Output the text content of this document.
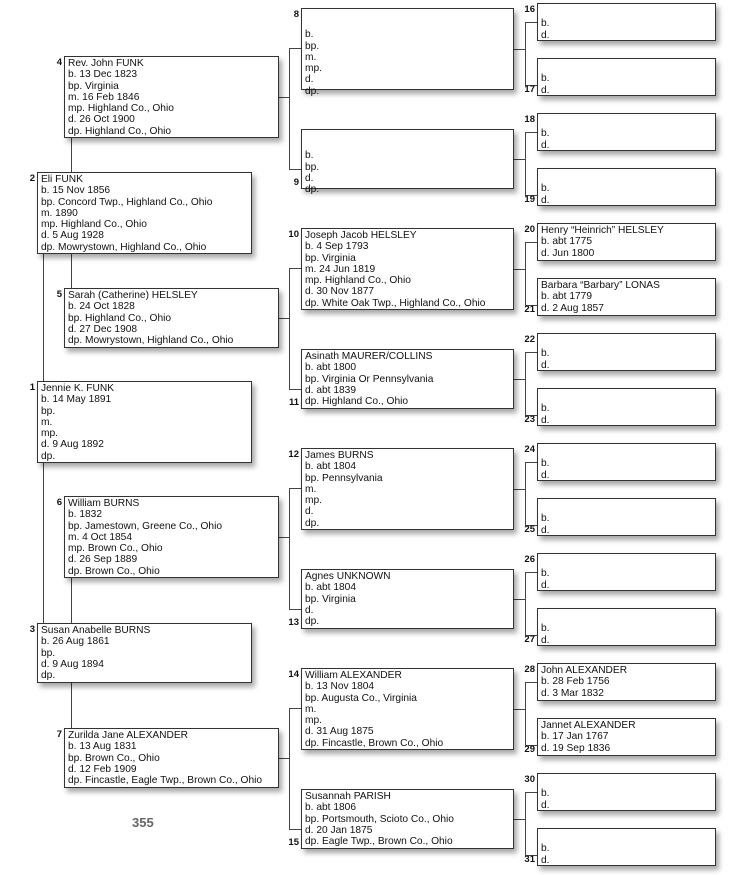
Jennie K. FUNK
b. 14 May 1891
bp.
m.
mp.
d. 9 Aug 1892
dp.
1
Eli FUNK
b. 15 Nov 1856
bp. Concord Twp., Highland Co., Ohio
m. 1890
mp. Highland Co., Ohio
d. 5 Aug 1928
dp. Mowrystown, Highland Co., Ohio
2
Susan Anabelle BURNS
b. 26 Aug 1861
bp.
d. 9 Aug 1894
dp.
3
Rev. John FUNK
b. 13 Dec 1823
bp. Virginia
m. 16 Feb 1846
mp. Highland Co., Ohio
d. 26 Oct 1900
dp. Highland Co., Ohio
4
Sarah (Catherine) HELSLEY
b. 24 Oct 1828
bp. Highland Co., Ohio
d. 27 Dec 1908
dp. Mowrystown, Highland Co., Ohio
5
William BURNS
b. 1832
bp. Jamestown, Greene Co., Ohio
m. 4 Oct 1854
mp. Brown Co., Ohio
d. 26 Sep 1889
dp. Brown Co., Ohio
6
Zurilda Jane ALEXANDER
b. 13 Aug 1831
bp. Brown Co., Ohio
d. 12 Feb 1909
dp. Fincastle, Eagle Twp., Brown Co., Ohio
7

b.
bp.
m.
mp.
d.
dp.
8

b.
bp.
d.
dp.
9
Joseph Jacob HELSLEY
b. 4 Sep 1793
bp. Virginia
m. 24 Jun 1819
mp. Highland Co., Ohio
d. 30 Nov 1877
dp. White Oak Twp., Highland Co., Ohio
10
Asinath MAURER/COLLINS
b. abt 1800
bp. Virginia Or Pennsylvania
d. abt 1839
dp. Highland Co., Ohio
11
James BURNS
b. abt 1804
bp. Pennsylvania
m.
mp.
d.
dp.
12
Agnes UNKNOWN
b. abt 1804
bp. Virginia
d.
dp.
13
William ALEXANDER
b. 13 Nov 1804
bp. Augusta Co., Virginia
m.
mp.
d. 31 Aug 1875
dp. Fincastle, Brown Co., Ohio
14
Susannah PARISH
b. abt 1806
bp. Portsmouth, Scioto Co., Ohio
d. 20 Jan 1875
dp. Eagle Twp., Brown Co., Ohio
15

b.
d.
16

b.
d.
17

b.
d.
18

b.
d.
19
Henry “Heinrich” HELSLEY
b. abt 1775
d. Jun 1800
20
Barbara “Barbary” LONAS
b. abt 1779
d. 2 Aug 1857
21

b.
d.
22

b.
d.
23

b.
d.
24

b.
d.
25

b.
d.
26

b.
d.
27
John ALEXANDER
b. 28 Feb 1756
d. 3 Mar 1832
28
Jannet ALEXANDER
b. 17 Jan 1767
d. 19 Sep 1836
29

b.
d.
30

b.
d.
31
355
